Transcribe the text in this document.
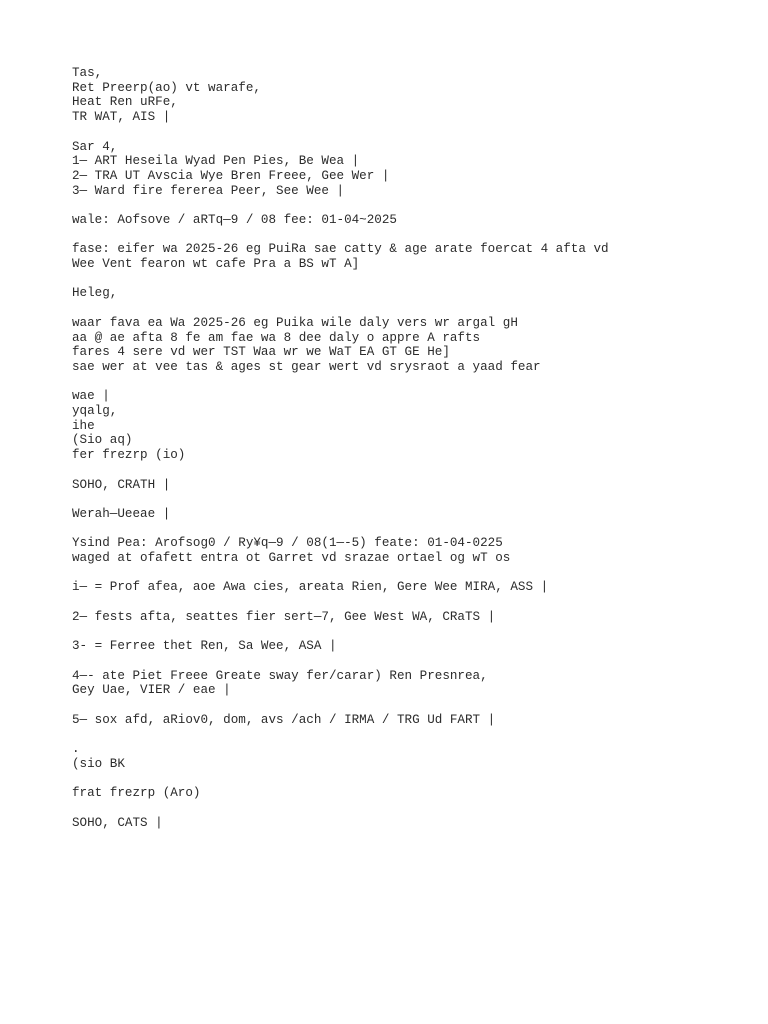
Tas,
Ret Preerp(ao) vt warafe,
Heat Ren uRFe,
TR WAT, AIS |
Sar 4,
1— ART Heseila Wyad Pen Pies, Be Wea |
2— TRA UT Avscia Wye Bren Freee, Gee Wer |
3— Ward fire fererea Peer, See Wee |
wale: Aofsove / aRTq—9 / 08 fee: 01-04~2025
fase: eifer wa 2025-26 eg PuiRa sae catty & age arate foercat 4 afta vd
Wee Vent fearon wt cafe Pra a BS wT A]
Heleg,
waar fava ea Wa 2025-26 eg Puika wile daly vers wr argal gH
aa @ ae afta 8 fe am fae wa 8 dee daly o appre A rafts
fares 4 sere vd wer TST Waa wr we WaT EA GT GE He]
sae wer at vee tas & ages st gear wert vd srysraot a yaad fear
wae |
yqalg,
ihe
(Sio aq)
fer frezrp (io)
SOHO, CRATH |
Werah—Ueeae |
Ysind Pea: Arofsog0 / Ry¥q—9 / 08(1—-5) feate: 01-04-0225
waged at ofafett entra ot Garret vd srazae ortael og wT os
i— = Prof afea, aoe Awa cies, areata Rien, Gere Wee MIRA, ASS |
2— fests afta, seattes fier sert—7, Gee West WA, CRaTS |
3- = Ferree thet Ren, Sa Wee, ASA |
4—- ate Piet Freee Greate sway fer/carar) Ren Presnrea,
Gey Uae, VIER / eae |
5— sox afd, aRiov0, dom, avs /ach / IRMA / TRG Ud FART |
.
(sio BK
frat frezrp (Aro)
SOHO, CATS |
